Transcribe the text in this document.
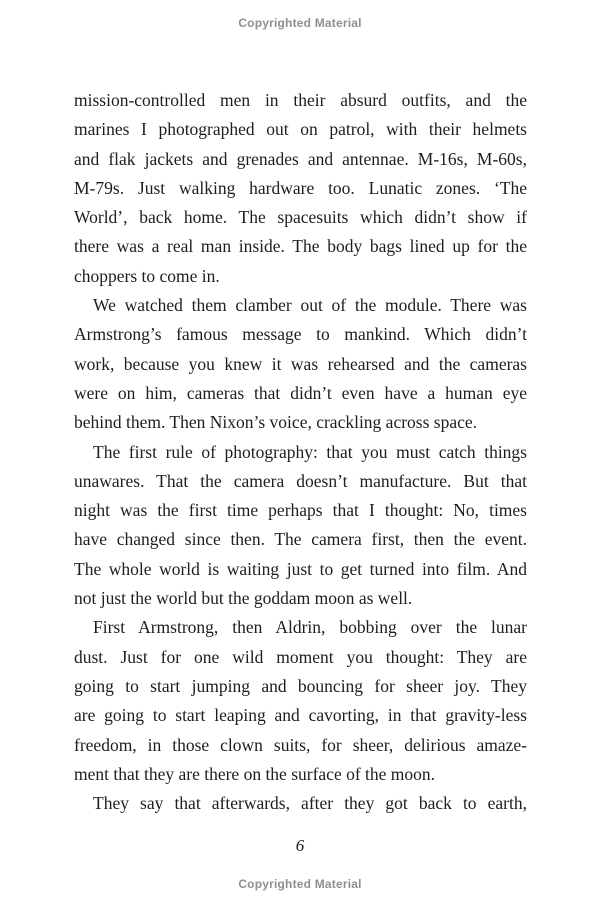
Copyrighted Material
mission-controlled men in their absurd outfits, and the
marines I photographed out on patrol, with their helmets
and flak jackets and grenades and antennae. M-16s, M-60s,
M-79s. Just walking hardware too. Lunatic zones. ‘The
World’, back home. The spacesuits which didn’t show if
there was a real man inside. The body bags lined up for the
choppers to come in.
We watched them clamber out of the module. There was
Armstrong’s famous message to mankind. Which didn’t
work, because you knew it was rehearsed and the cameras
were on him, cameras that didn’t even have a human eye
behind them. Then Nixon’s voice, crackling across space.
The first rule of photography: that you must catch things
unawares. That the camera doesn’t manufacture. But that
night was the first time perhaps that I thought: No, times
have changed since then. The camera first, then the event.
The whole world is waiting just to get turned into film. And
not just the world but the goddam moon as well.
First Armstrong, then Aldrin, bobbing over the lunar
dust. Just for one wild moment you thought: They are
going to start jumping and bouncing for sheer joy. They
are going to start leaping and cavorting, in that gravity-less
freedom, in those clown suits, for sheer, delirious amaze-
ment that they are there on the surface of the moon.
They say that afterwards, after they got back to earth,
6
Copyrighted Material
